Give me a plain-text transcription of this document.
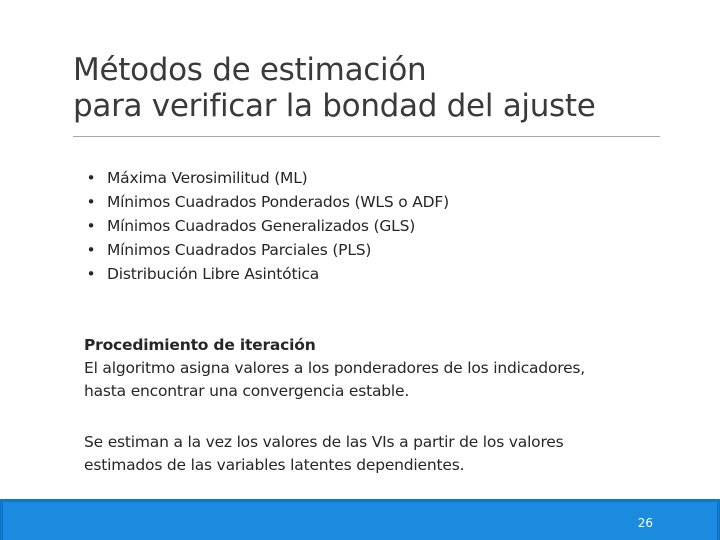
Métodos de estimación
para verificar la bondad del ajuste
• Máxima Verosimilitud (ML)
• Mínimos Cuadrados Ponderados (WLS o ADF)
• Mínimos Cuadrados Generalizados (GLS)
• Mínimos Cuadrados Parciales (PLS)
• Distribución Libre Asintótica
Procedimiento de iteración
El algoritmo asigna valores a los ponderadores de los indicadores,
hasta encontrar una convergencia estable.
Se estiman a la vez los valores de las VIs a partir de los valores
estimados de las variables latentes dependientes.
26
